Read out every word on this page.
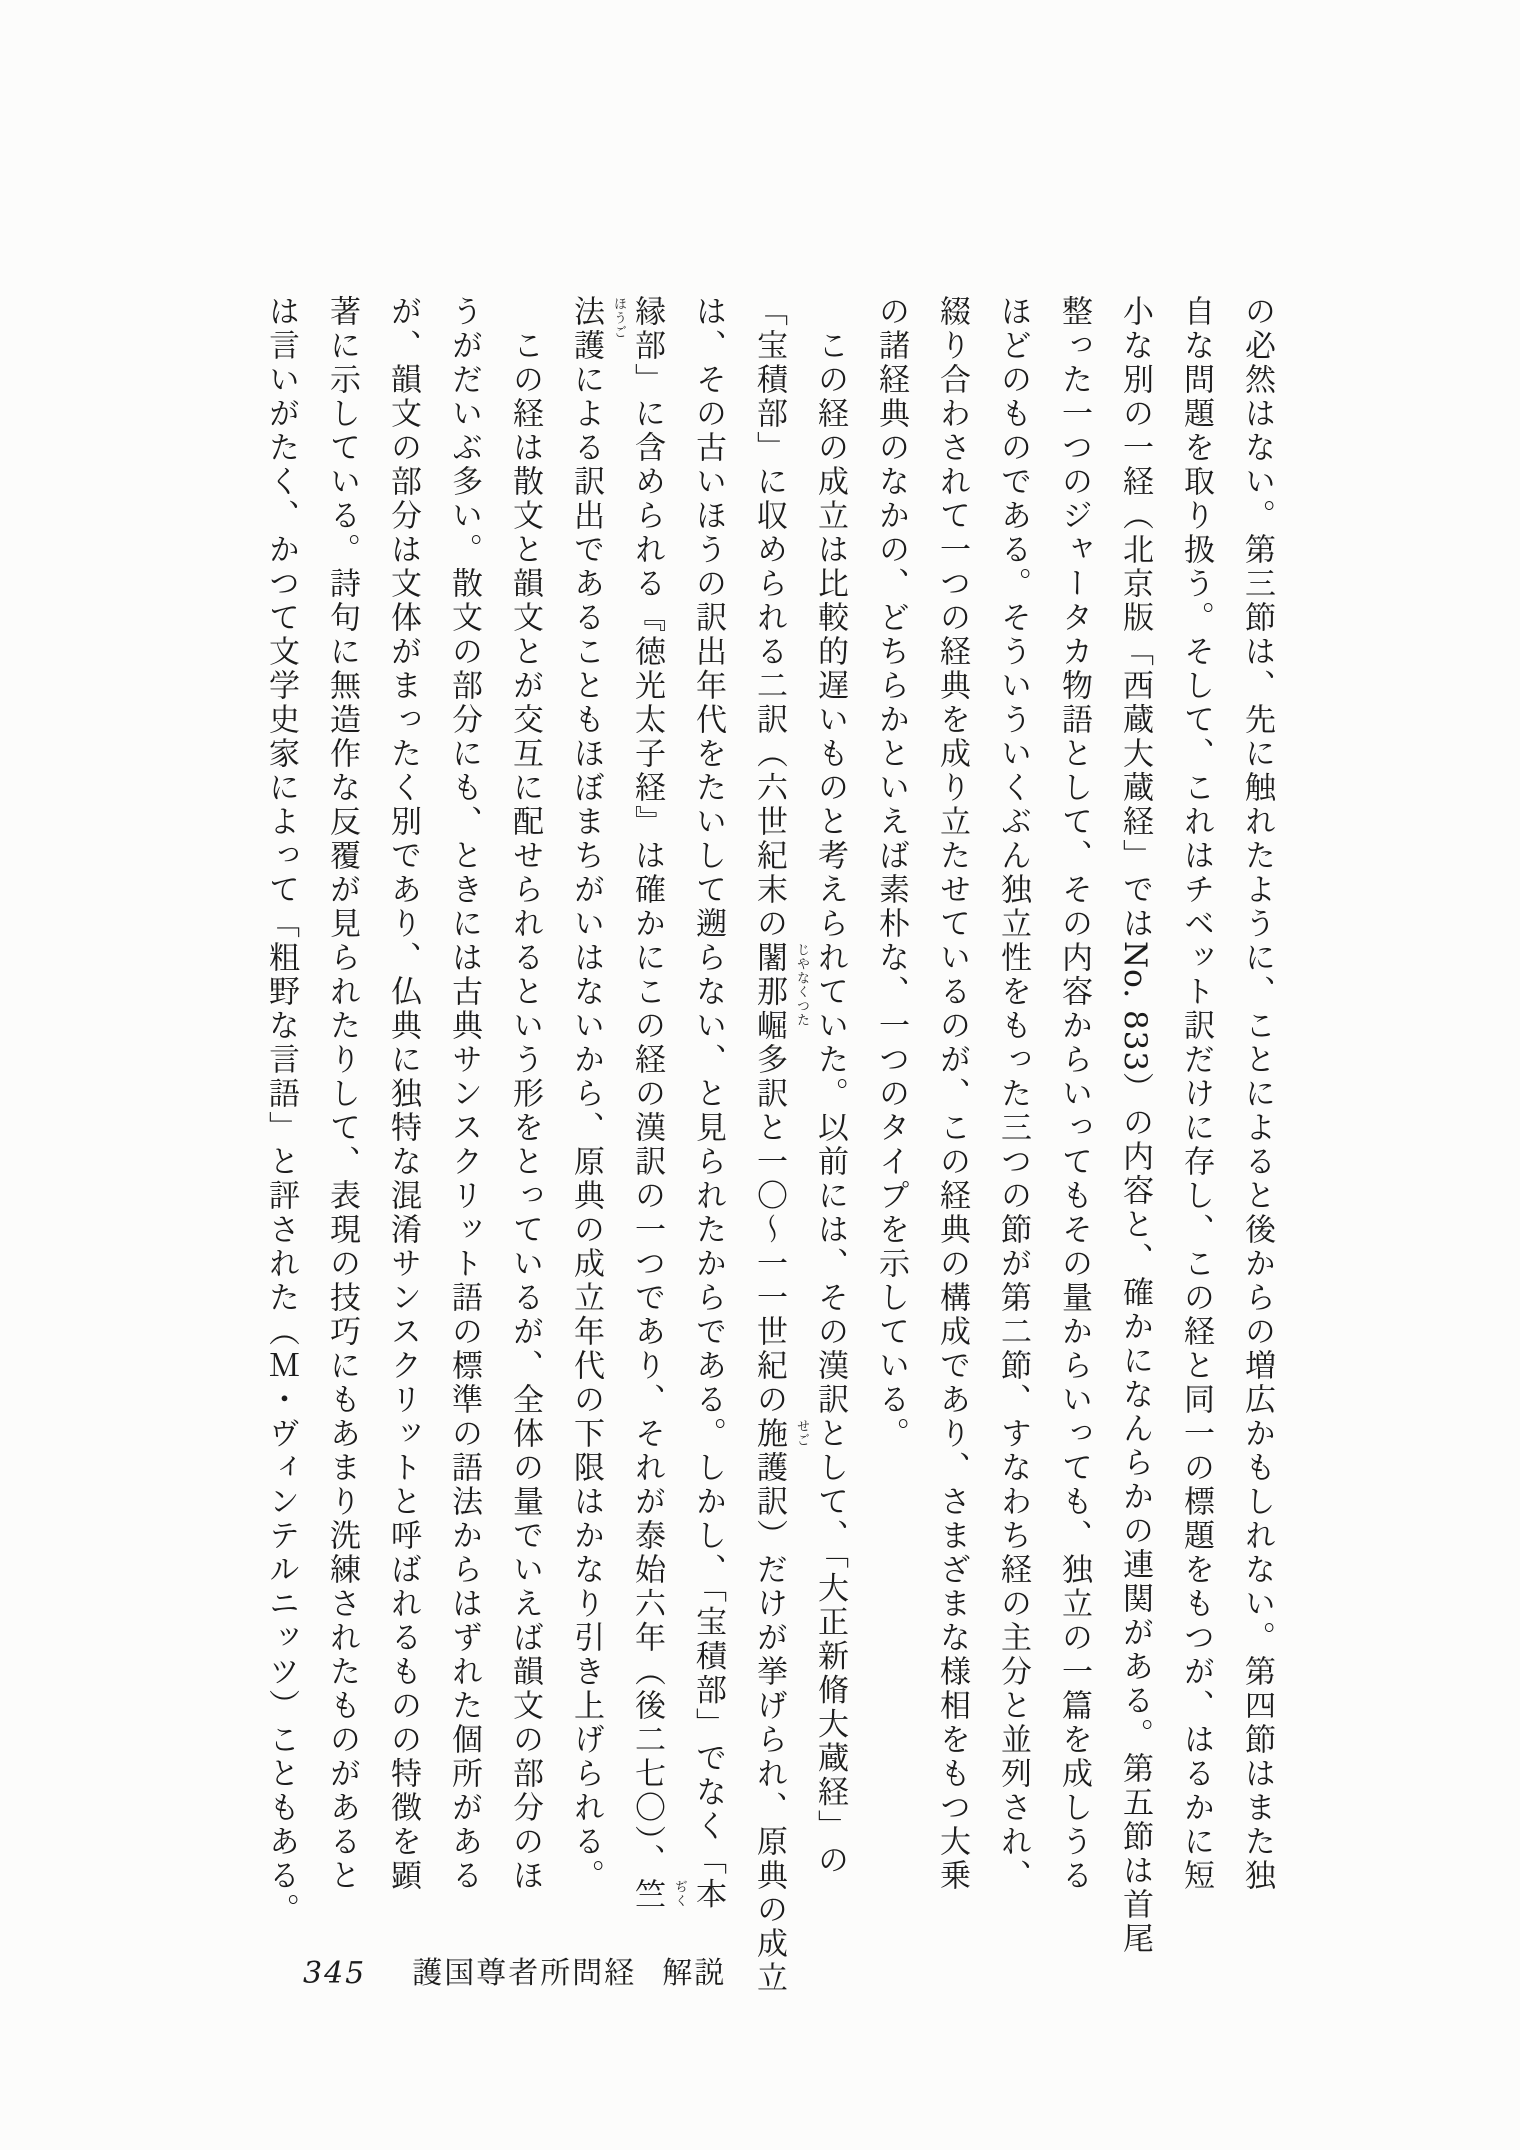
の必然はない。第三節は、先に触れたように、ことによると後からの増広かもしれない。第四節はまた独
自な問題を取り扱う。そして、これはチベット訳だけに存し、この経と同一の標題をもつが、はるかに短
小な別の一経（北京版「西蔵大蔵経」ではNo. 833）の内容と、確かになんらかの連関がある。第五節は首尾
整った一つのジャータカ物語として、その内容からいってもその量からいっても、独立の一篇を成しうる
ほどのものである。そういういくぶん独立性をもった三つの節が第二節、すなわち経の主分と並列され、
綴り合わされて一つの経典を成り立たせているのが、この経典の構成であり、さまざまな様相をもつ大乗
の諸経典のなかの、どちらかといえば素朴な、一つのタイプを示している。
　この経の成立は比較的遅いものと考えられていた。以前には、その漢訳として、「大正新脩大蔵経」の
「宝積部」に収められる二訳（六世紀末の闍那崛多 じやなくつた
訳と一〇～一一世紀の施護 せご
訳）だけが挙げられ、原典の成立
は、その古いほうの訳出年代をたいして遡らない、と見られたからである。しかし、「宝積部」でなく「本
縁部」に含められる『徳光太子経』は確かにこの経の漢訳の一つであり、それが泰始六年（後二七〇）、竺 ぢく
法護 ほうご
による訳出であることもほぼまちがいはないから、原典の成立年代の下限はかなり引き上げられる。
　この経は散文と韻文とが交互に配せられるという形をとっているが、全体の量でいえば韻文の部分のほ
うがだいぶ多い。散文の部分にも、ときには古典サンスクリット語の標準の語法からはずれた個所がある
が、韻文の部分は文体がまったく別であり、仏典に独特な混淆サンスクリットと呼ばれるものの特徴を顕
著に示している。詩句に無造作な反覆が見られたりして、表現の技巧にもあまり洗練されたものがあると
は言いがたく、かつて文学史家によって「粗野な言語」と評された（Ｍ・ヴィンテルニッツ）こともある。
345 護国尊者所問経 解説
